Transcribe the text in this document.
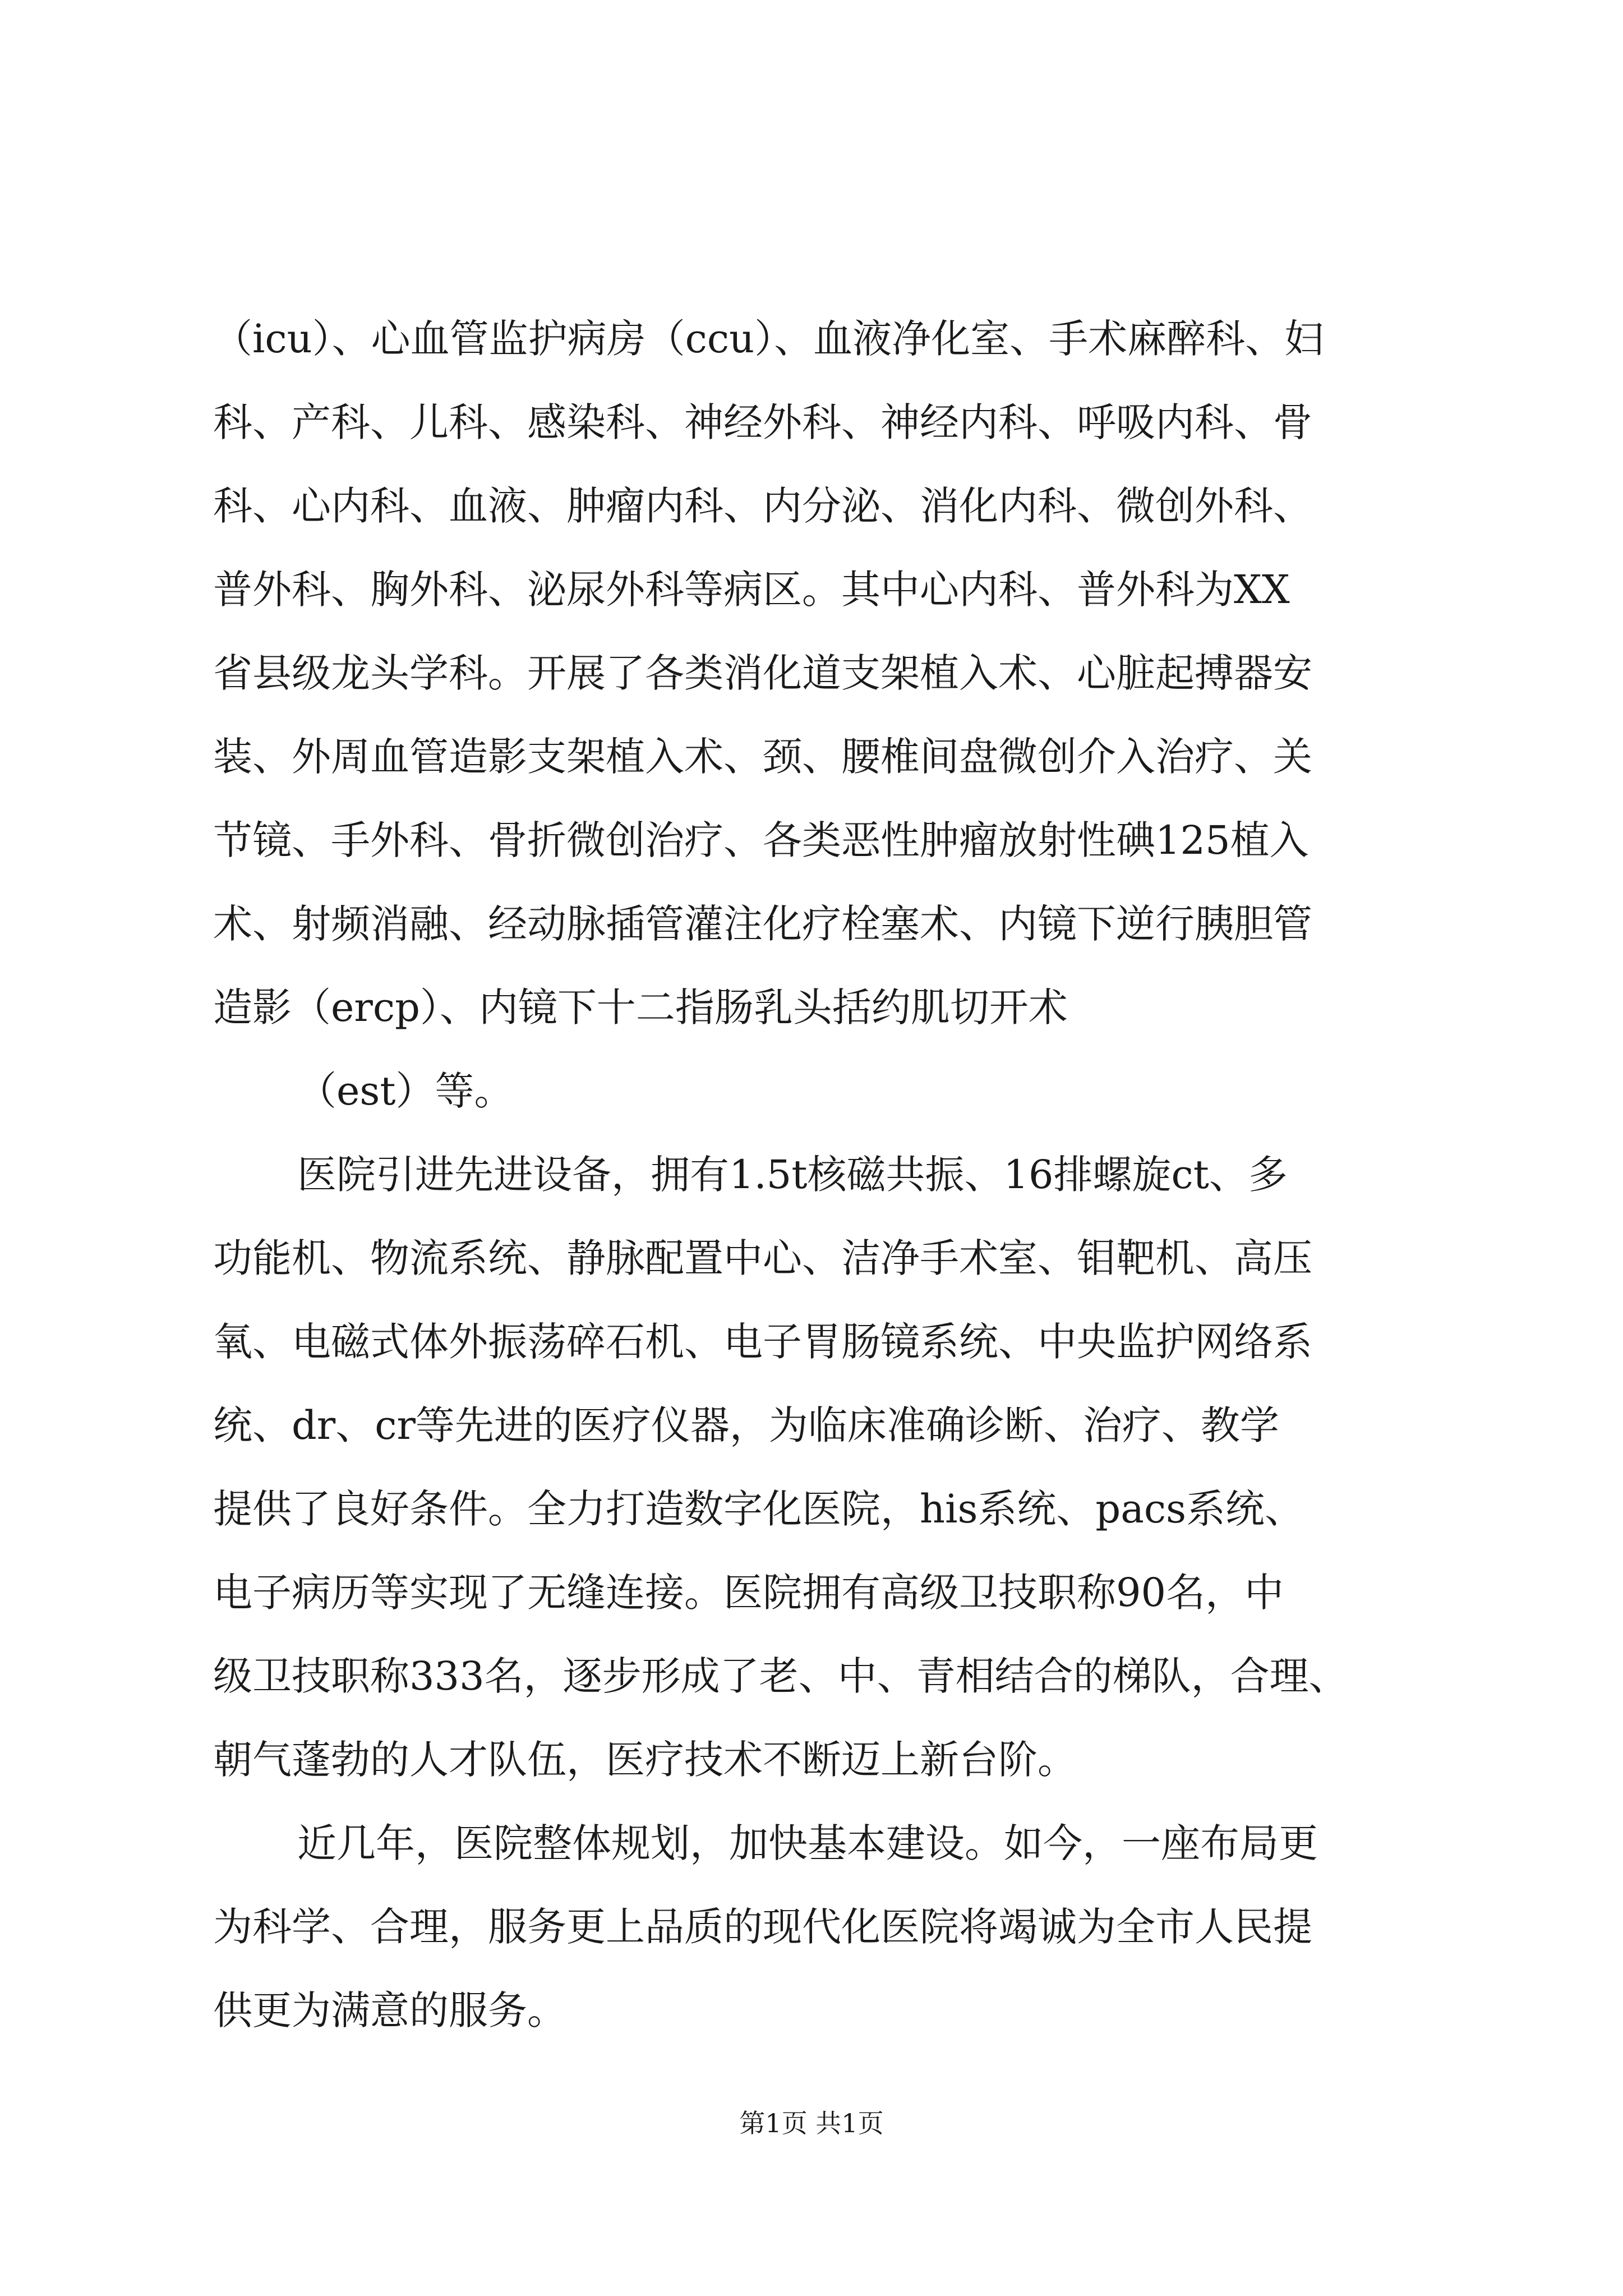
（icu）、心血管监护病房（ccu）、血液净化室、手术麻醉科、妇
科、产科、儿科、感染科、神经外科、神经内科、呼吸内科、骨
科、心内科、血液、肿瘤内科、内分泌、消化内科、微创外科、
普外科、胸外科、泌尿外科等病区。其中心内科、普外科为XX
省县级龙头学科。开展了各类消化道支架植入术、心脏起搏器安
装、外周血管造影支架植入术、颈、腰椎间盘微创介入治疗、关
节镜、手外科、骨折微创治疗、各类恶性肿瘤放射性碘125植入
术、射频消融、经动脉插管灌注化疗栓塞术、内镜下逆行胰胆管
造影（ercp）、内镜下十二指肠乳头括约肌切开术
（est）等。
医院引进先进设备，拥有1.5t核磁共振、16排螺旋ct、多
功能机、物流系统、静脉配置中心、洁净手术室、钼靶机、高压
氧、电磁式体外振荡碎石机、电子胃肠镜系统、中央监护网络系
统、dr、cr等先进的医疗仪器，为临床准确诊断、治疗、教学
提供了良好条件。全力打造数字化医院，his系统、pacs系统、
电子病历等实现了无缝连接。医院拥有高级卫技职称90名，中
级卫技职称333名，逐步形成了老、中、青相结合的梯队，合理、
朝气蓬勃的人才队伍，医疗技术不断迈上新台阶。
近几年，医院整体规划，加快基本建设。如今，一座布局更
为科学、合理，服务更上品质的现代化医院将竭诚为全市人民提
供更为满意的服务。
第1页 共1页
